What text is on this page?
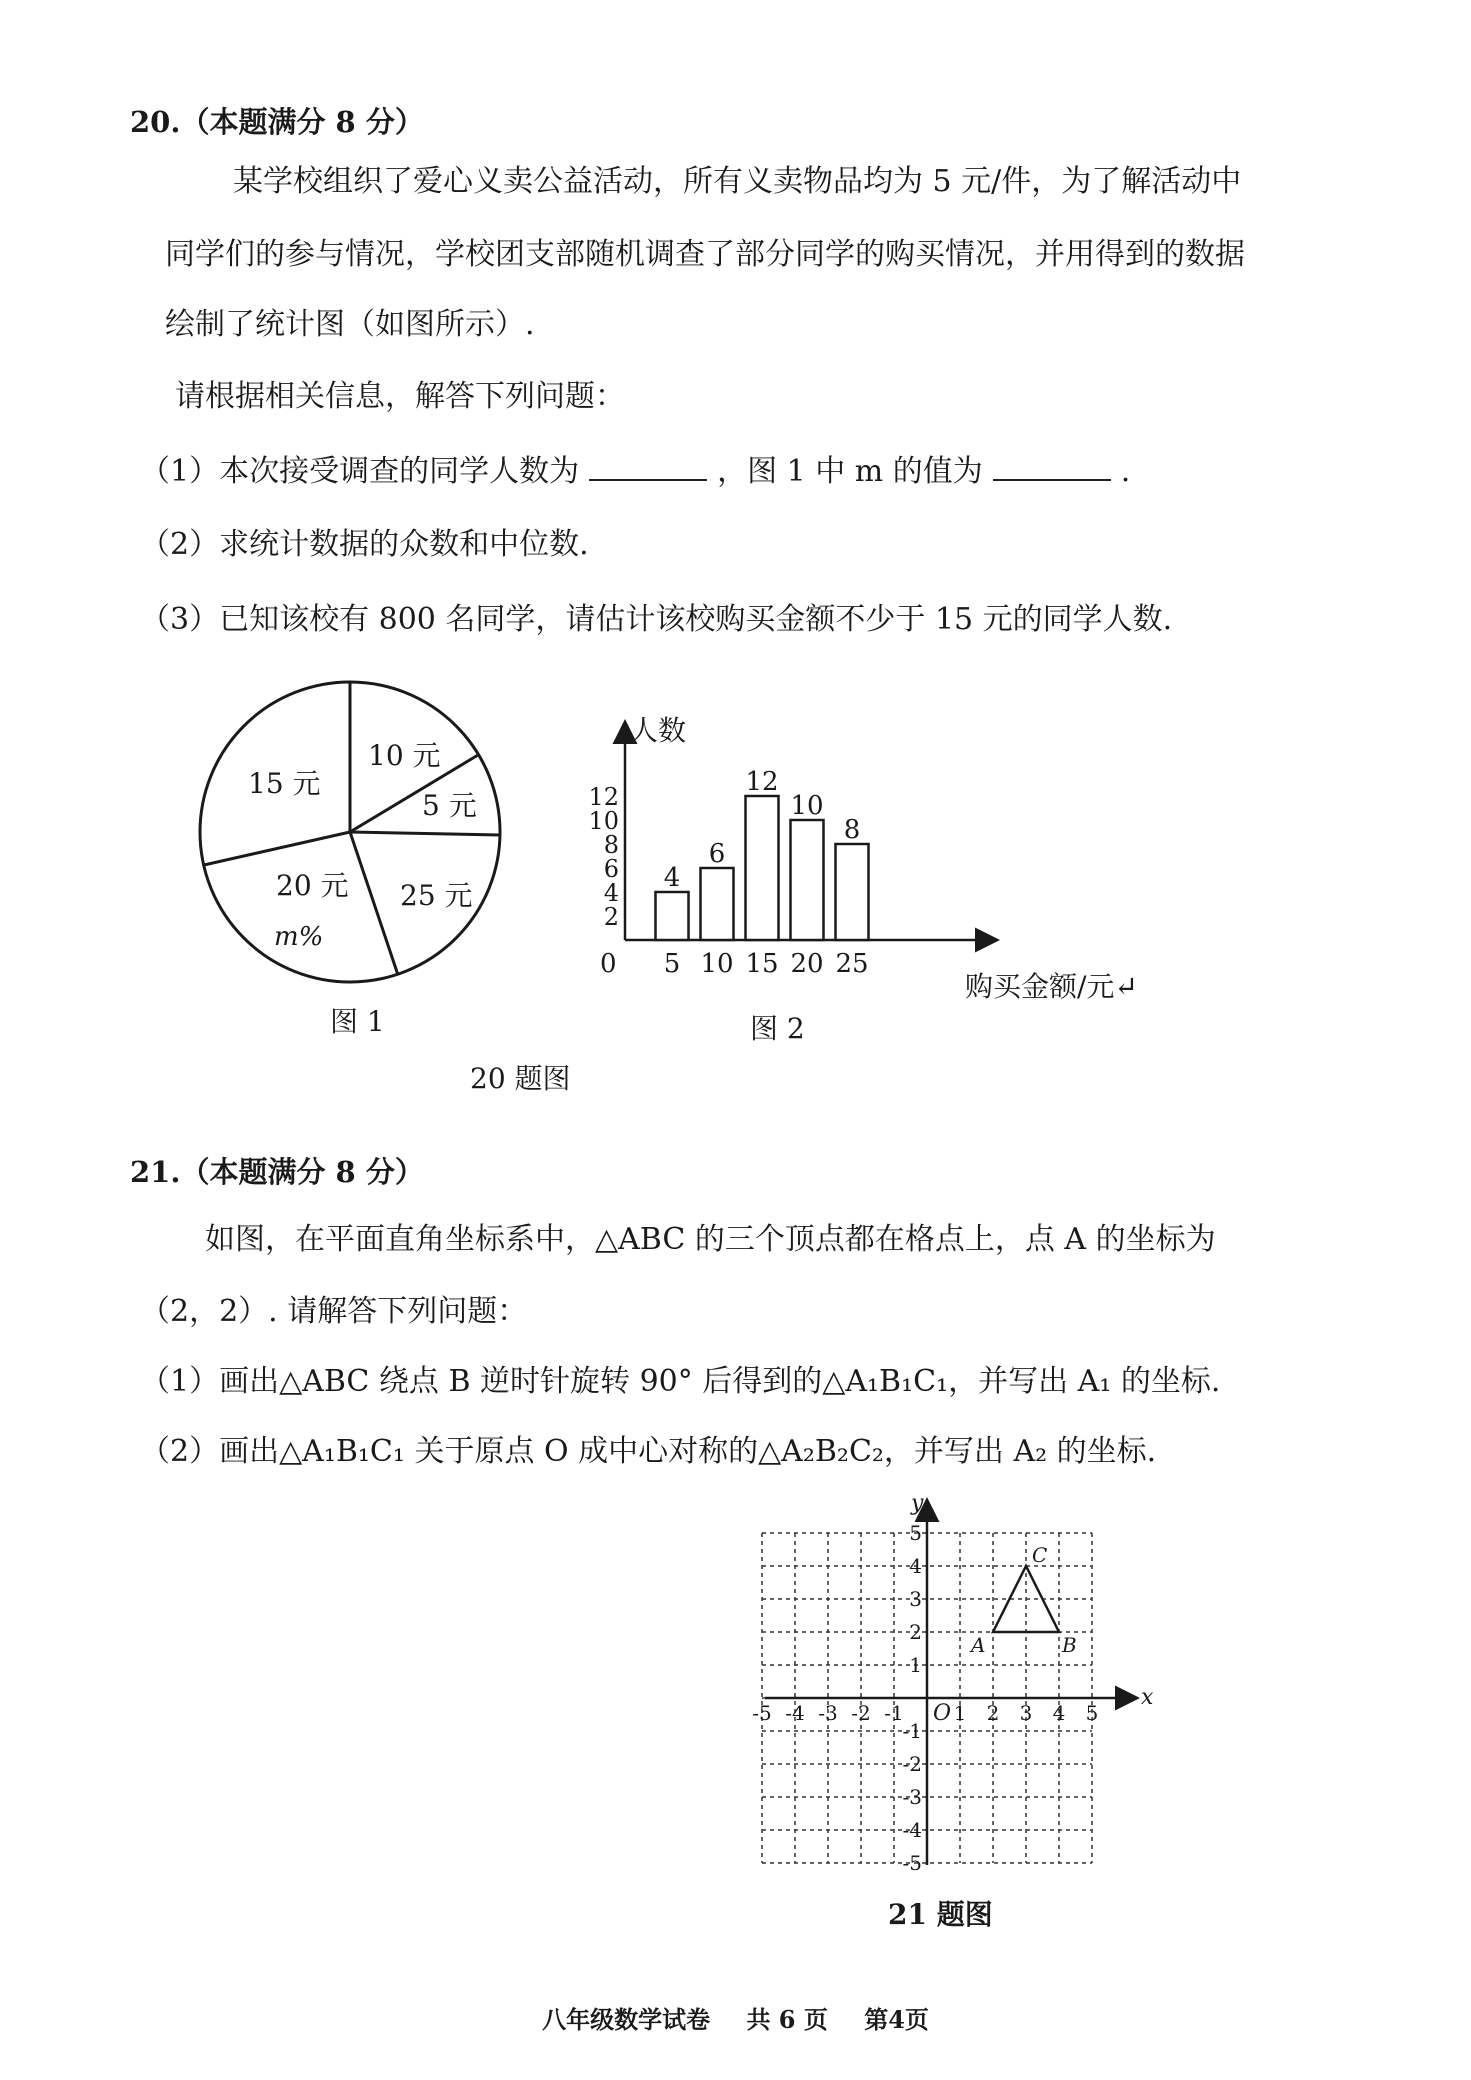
20.（本题满分 8 分）
某学校组织了爱心义卖公益活动，所有义卖物品均为 5 元/件，为了解活动中
同学们的参与情况，学校团支部随机调查了部分同学的购买情况，并用得到的数据
绘制了统计图（如图所示）.
请根据相关信息，解答下列问题：
（1）本次接受调查的同学人数为	，图 1 中 m 的值为	.
（2）求统计数据的众数和中位数.
（3）已知该校有 800 名同学，请估计该校购买金额不少于 15 元的同学人数.
10 元
5 元
25 元
20 元
m%
15 元
图 1
人数
0
2
4
6
8
10
12
4
6
12
10
8
5 10 15 20 25
购买金额/元↵
图 2
20 题图
21.（本题满分 8 分）
如图，在平面直角坐标系中，△ABC 的三个顶点都在格点上，点 A 的坐标为
（2，2）. 请解答下列问题：
（1）画出△ABC 绕点 B 逆时针旋转 90° 后得到的△A₁B₁C₁，并写出 A₁ 的坐标.
（2）画出△A₁B₁C₁ 关于原点 O 成中心对称的△A₂B₂C₂，并写出 A₂ 的坐标.
x
y
O
-5 -4 -3 -2 -1 1 2 3 4 5
5
4
3
2
1
-1
-2
-3
-4
-5
A	B
C
21 题图
八年级数学试卷 共 6 页 第4页
